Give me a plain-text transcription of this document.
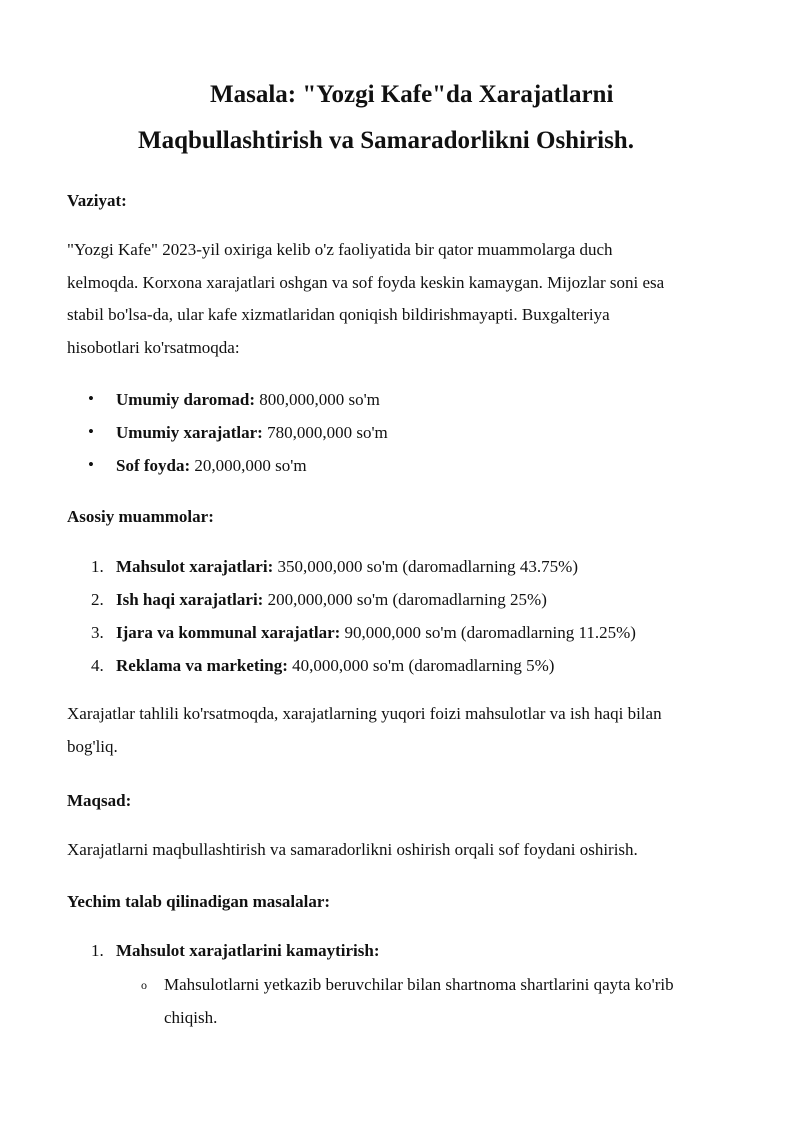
Masala: "Yozgi Kafe"da Xarajatlarni
Maqbullashtirish va Samaradorlikni Oshirish.
Vaziyat:

"Yozgi Kafe" 2023-yil oxiriga kelib o'z faoliyatida bir qator muammolarga duch

kelmoqda. Korxona xarajatlari oshgan va sof foyda keskin kamaygan. Mijozlar soni esa

stabil bo'lsa-da, ular kafe xizmatlaridan qoniqish bildirishmayapti. Buxgalteriya

hisobotlari ko'rsatmoqda:

• Umumiy daromad: 800,000,000 so'm
• Umumiy xarajatlar: 780,000,000 so'm
• Sof foyda: 20,000,000 so'm
Asosiy muammolar:
1. Mahsulot xarajatlari: 350,000,000 so'm (daromadlarning 43.75%)
2. Ish haqi xarajatlari: 200,000,000 so'm (daromadlarning 25%)
3. Ijara va kommunal xarajatlar: 90,000,000 so'm (daromadlarning 11.25%)
4. Reklama va marketing: 40,000,000 so'm (daromadlarning 5%)

Xarajatlar tahlili ko'rsatmoqda, xarajatlarning yuqori foizi mahsulotlar va ish haqi bilan

bog'liq.

Maqsad:

Xarajatlarni maqbullashtirish va samaradorlikni oshirish orqali sof foydani oshirish.

Yechim talab qilinadigan masalalar:
1. Mahsulot xarajatlarini kamaytirish:
o Mahsulotlarni yetkazib beruvchilar bilan shartnoma shartlarini qayta ko'rib

chiqish.
